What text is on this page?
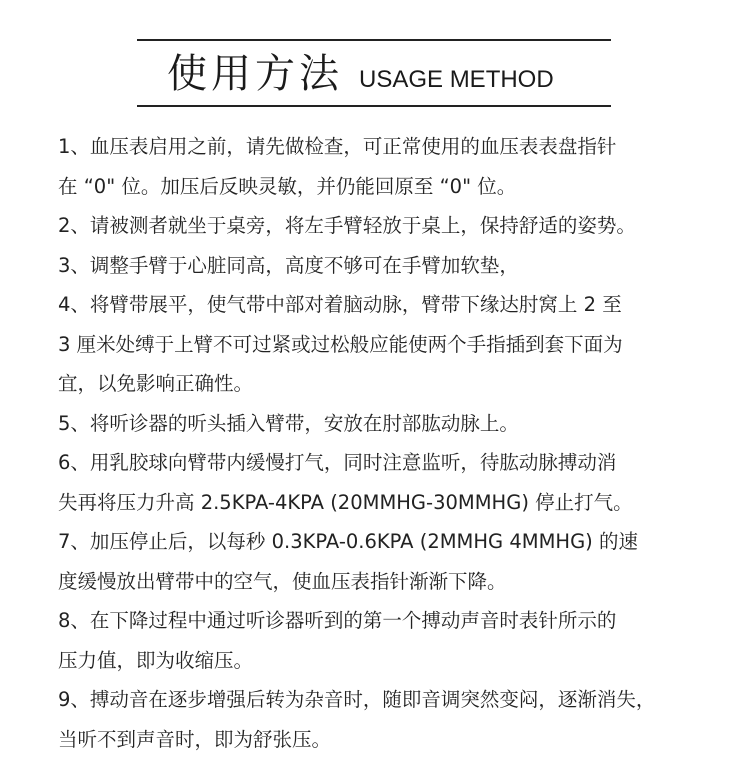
使用方法 USAGE METHOD
1、血压表启用之前，请先做检查，可正常使用的血压表表盘指针
在 “0" 位。加压后反映灵敏，并仍能回原至 “0" 位。
2、请被测者就坐于桌旁，将左手臂轻放于桌上，保持舒适的姿势。
3、调整手臂于心脏同高，高度不够可在手臂加软垫，
4、将臂带展平，使气带中部对着脑动脉，臂带下缘达肘窝上 2 至
3 厘米处缚于上臂不可过紧或过松般应能使两个手指插到套下面为
宜，以免影响正确性。
5、将听诊器的听头插入臂带，安放在肘部肱动脉上。
6、用乳胶球向臂带内缓慢打气，同时注意监听，待肱动脉搏动消
失再将压力升高 2.5KPA-4KPA (20MMHG-30MMHG) 停止打气。
7、加压停止后，以每秒 0.3KPA-0.6KPA (2MMHG 4MMHG) 的速
度缓慢放出臂带中的空气，使血压表指针渐渐下降。
8、在下降过程中通过听诊器听到的第一个搏动声音时表针所示的
压力值，即为收缩压。
9、搏动音在逐步增强后转为杂音时，随即音调突然变闷，逐渐消失，
当听不到声音时，即为舒张压。
